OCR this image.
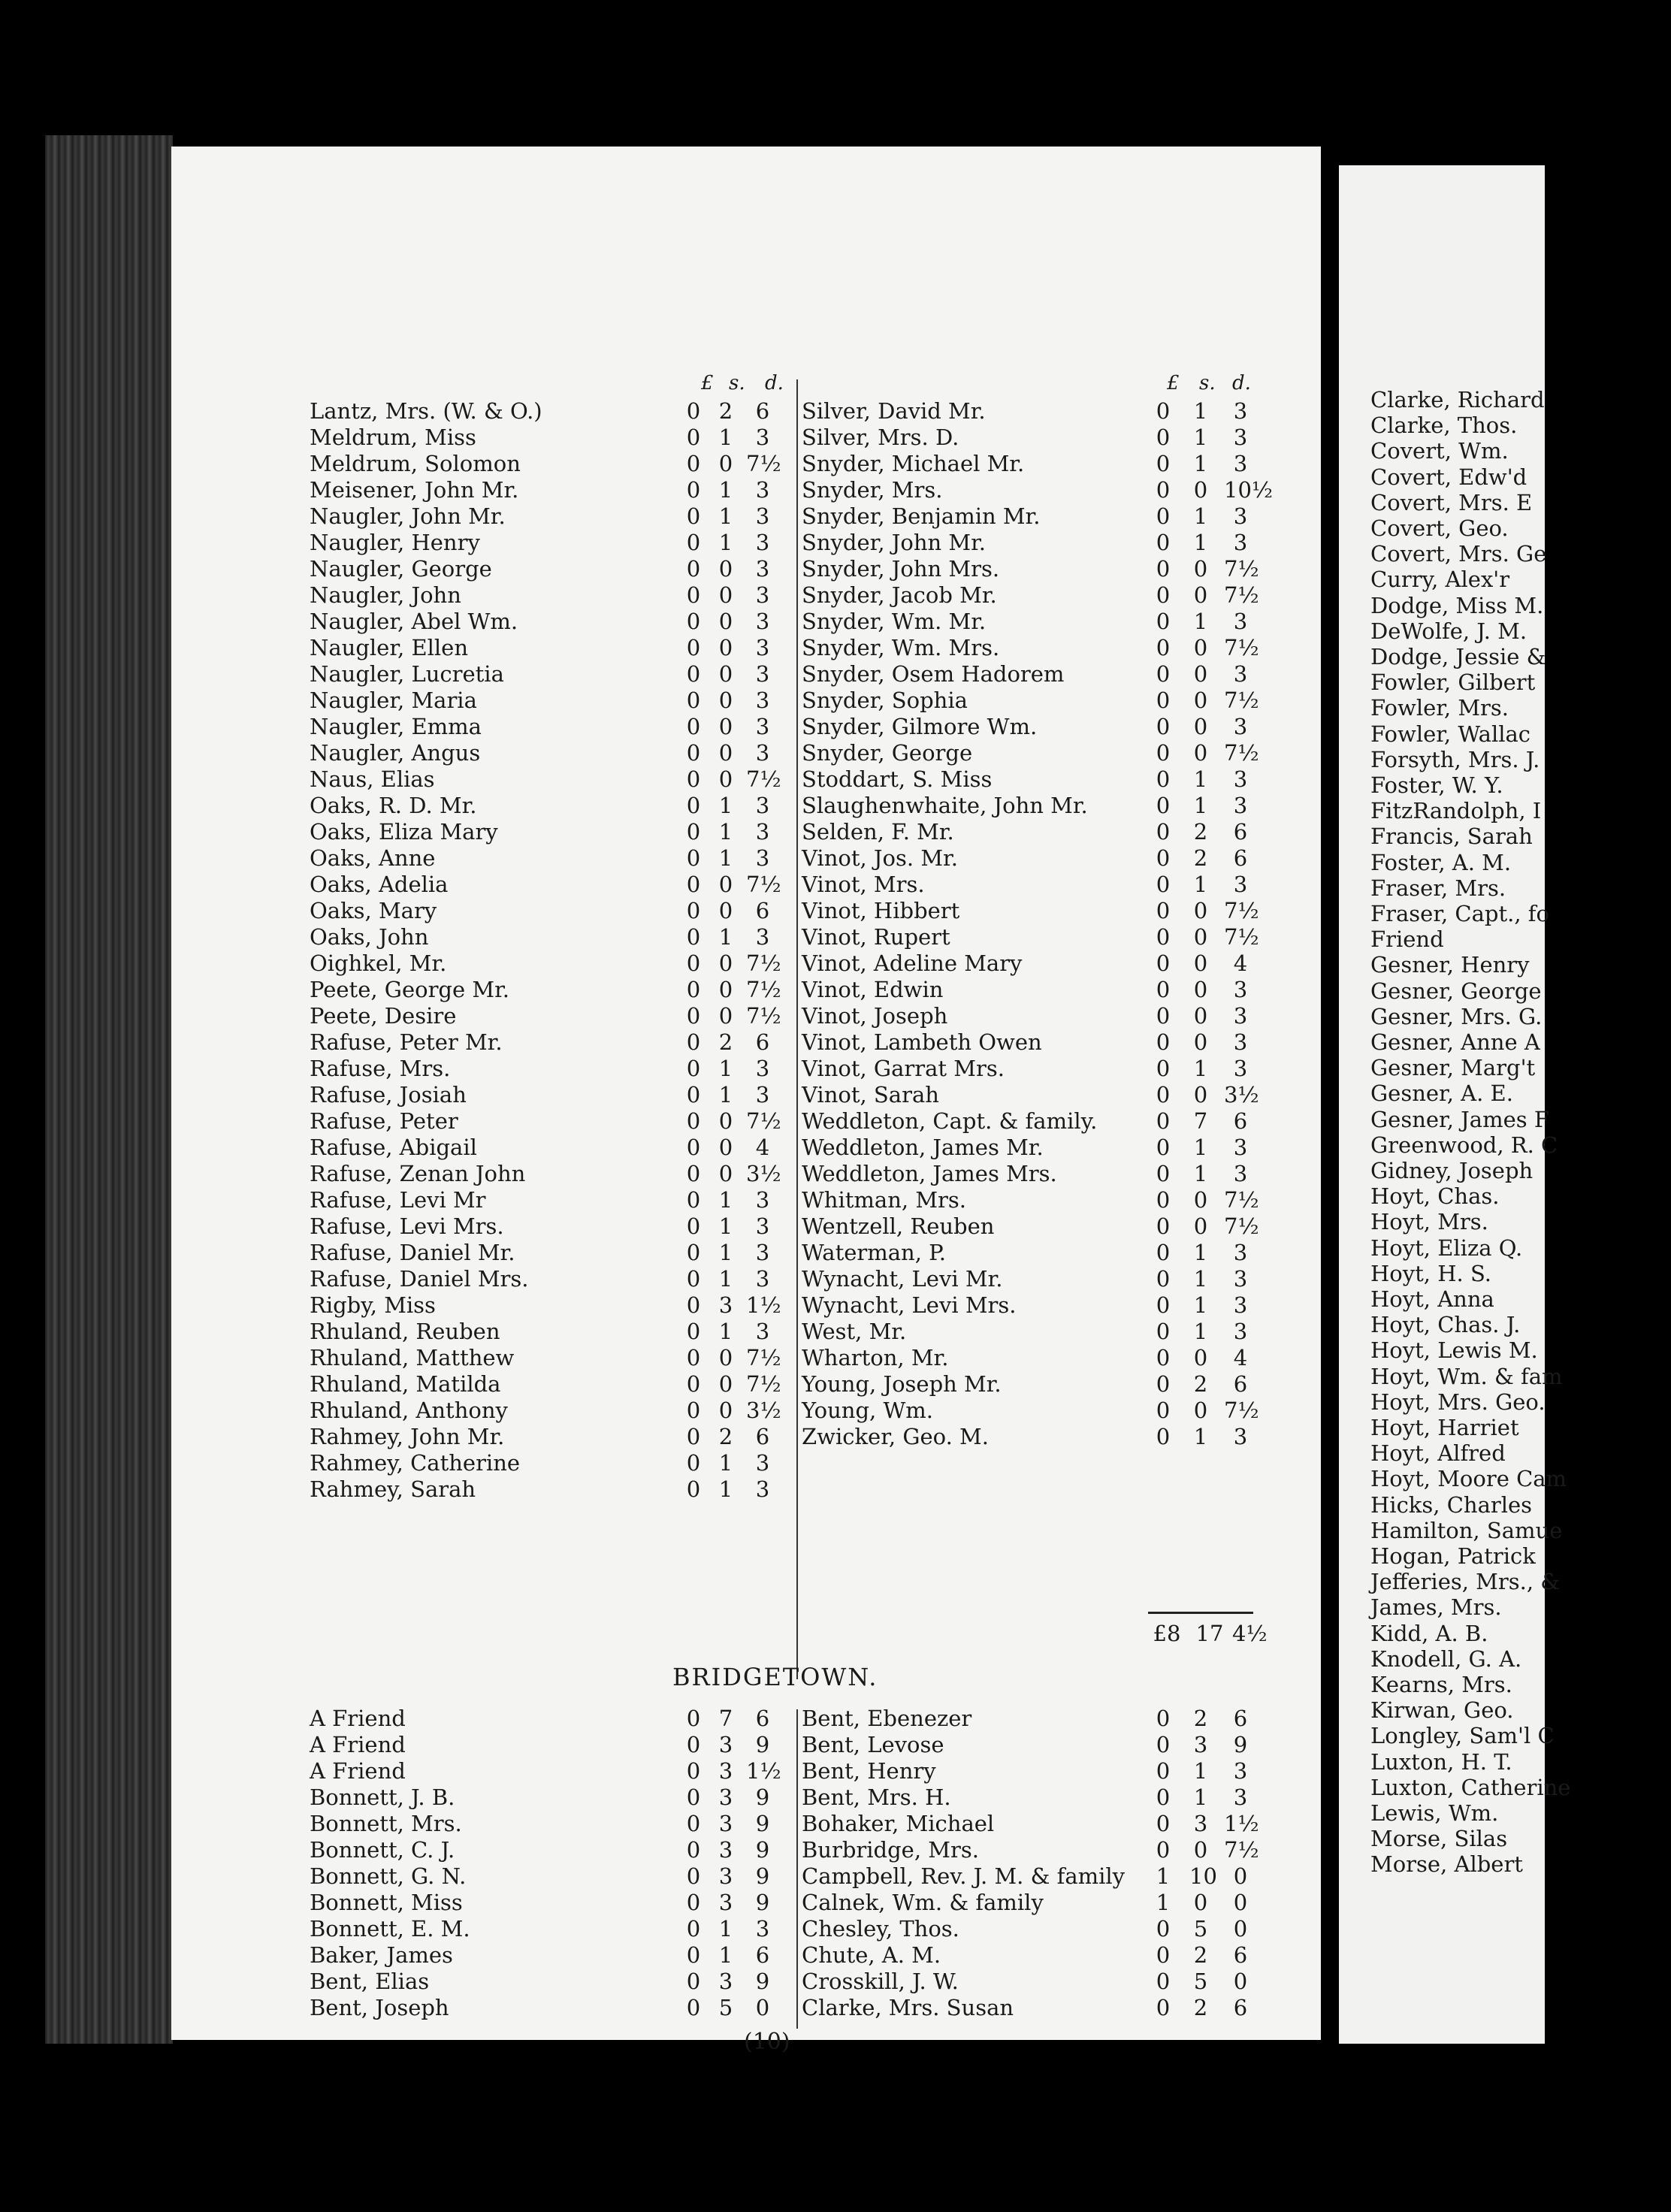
£ s. d.	£ s. d.
Lantz, Mrs. (W. & O.)	0 2	6
Meldrum, Miss	0 1	3
Meldrum, Solomon	0 0 7½
Meisener, John Mr.	0 1	3
Naugler, John Mr.	0 1	3
Naugler, Henry	0 1	3
Naugler, George	0 0	3
Naugler, John	0 0	3
Naugler, Abel Wm.	0 0	3
Naugler, Ellen	0 0	3
Naugler, Lucretia	0 0	3
Naugler, Maria	0 0	3
Naugler, Emma	0 0	3
Naugler, Angus	0 0	3
Naus, Elias	0 0 7½
Oaks, R. D. Mr.	0 1	3
Oaks, Eliza Mary	0 1	3
Oaks, Anne	0 1	3
Oaks, Adelia	0 0 7½
Oaks, Mary	0 0	6
Oaks, John	0 1	3
Oighkel, Mr.	0 0 7½
Peete, George Mr.	0 0 7½
Peete, Desire	0 0 7½
Rafuse, Peter Mr.	0 2	6
Rafuse, Mrs.	0 1	3
Rafuse, Josiah	0 1	3
Rafuse, Peter	0 0 7½
Rafuse, Abigail	0 0	4
Rafuse, Zenan John	0 0 3½
Rafuse, Levi Mr	0 1	3
Rafuse, Levi Mrs.	0 1	3
Rafuse, Daniel Mr.	0 1	3
Rafuse, Daniel Mrs.	0 1	3
Rigby, Miss	0 3 1½
Rhuland, Reuben	0 1	3
Rhuland, Matthew	0 0 7½
Rhuland, Matilda	0 0 7½
Rhuland, Anthony	0 0 3½
Rahmey, John Mr.	0 2	6
Rahmey, Catherine	0 1	3
Rahmey, Sarah	0 1	3
Silver, David Mr.	0 1	3
Silver, Mrs. D.	0 1	3
Snyder, Michael Mr.	0 1	3
Snyder, Mrs.	0 0 10½
Snyder, Benjamin Mr.	0 1	3
Snyder, John Mr.	0 1	3
Snyder, John Mrs.	0 0 7½
Snyder, Jacob Mr.	0 0 7½
Snyder, Wm. Mr.	0 1	3
Snyder, Wm. Mrs.	0 0 7½
Snyder, Osem Hadorem	0 0	3
Snyder, Sophia	0 0 7½
Snyder, Gilmore Wm.	0 0	3
Snyder, George	0 0 7½
Stoddart, S. Miss	0 1	3
Slaughenwhaite, John Mr.	0 1	3
Selden, F. Mr.	0 2	6
Vinot, Jos. Mr.	0 2	6
Vinot, Mrs.	0 1	3
Vinot, Hibbert	0 0 7½
Vinot, Rupert	0 0 7½
Vinot, Adeline Mary	0 0	4
Vinot, Edwin	0 0	3
Vinot, Joseph	0 0	3
Vinot, Lambeth Owen	0 0	3
Vinot, Garrat Mrs.	0 1	3
Vinot, Sarah	0 0 3½
Weddleton, Capt. & family.	0 7	6
Weddleton, James Mr.	0 1	3
Weddleton, James Mrs.	0 1	3
Whitman, Mrs.	0 0 7½
Wentzell, Reuben	0 0 7½
Waterman, P.	0 1	3
Wynacht, Levi Mr.	0 1	3
Wynacht, Levi Mrs.	0 1	3
West, Mr.	0 1	3
Wharton, Mr.	0 0	4
Young, Joseph Mr.	0 2	6
Young, Wm.	0 0 7½
Zwicker, Geo. M.	0 1	3
£8 17 4½
BRIDGETOWN.
A Friend	0 7	6
A Friend	0 3	9
A Friend	0 3 1½
Bonnett, J. B.	0 3	9
Bonnett, Mrs.	0 3	9
Bonnett, C. J.	0 3	9
Bonnett, G. N.	0 3	9
Bonnett, Miss	0 3	9
Bonnett, E. M.	0 1	3
Baker, James	0 1	6
Bent, Elias	0 3	9
Bent, Joseph	0 5	0
Bent, Ebenezer	0 2	6
Bent, Levose	0 3	9
Bent, Henry	0 1	3
Bent, Mrs. H.	0 1	3
Bohaker, Michael	0 3 1½
Burbridge, Mrs.	0 0 7½
Campbell, Rev. J. M. & family 1 10 0
Calnek, Wm. & family	1 0	0
Chesley, Thos.	0 5	0
Chute, A. M.	0 2	6
Crosskill, J. W.	0 5	0
Clarke, Mrs. Susan	0 2	6
(10)
Clarke, Richard
Clarke, Thos.
Covert, Wm.
Covert, Edw'd
Covert, Mrs. E
Covert, Geo.
Covert, Mrs. Ge
Curry, Alex'r
Dodge, Miss M.
DeWolfe, J. M.
Dodge, Jessie &
Fowler, Gilbert
Fowler, Mrs.
Fowler, Wallac
Forsyth, Mrs. J.
Foster, W. Y.
FitzRandolph, I
Francis, Sarah
Foster, A. M.
Fraser, Mrs.
Fraser, Capt., fo
Friend
Gesner, Henry
Gesner, George
Gesner, Mrs. G.
Gesner, Anne A
Gesner, Marg't
Gesner, A. E.
Gesner, James F
Greenwood, R. C
Gidney, Joseph
Hoyt, Chas.
Hoyt, Mrs.
Hoyt, Eliza Q.
Hoyt, H. S.
Hoyt, Anna
Hoyt, Chas. J.
Hoyt, Lewis M.
Hoyt, Wm. & fam
Hoyt, Mrs. Geo.
Hoyt, Harriet
Hoyt, Alfred
Hoyt, Moore Cam
Hicks, Charles
Hamilton, Samue
Hogan, Patrick
Jefferies, Mrs., &
James, Mrs.
Kidd, A. B.
Knodell, G. A.
Kearns, Mrs.
Kirwan, Geo.
Longley, Sam'l C
Luxton, H. T.
Luxton, Catherine
Lewis, Wm.
Morse, Silas
Morse, Albert
